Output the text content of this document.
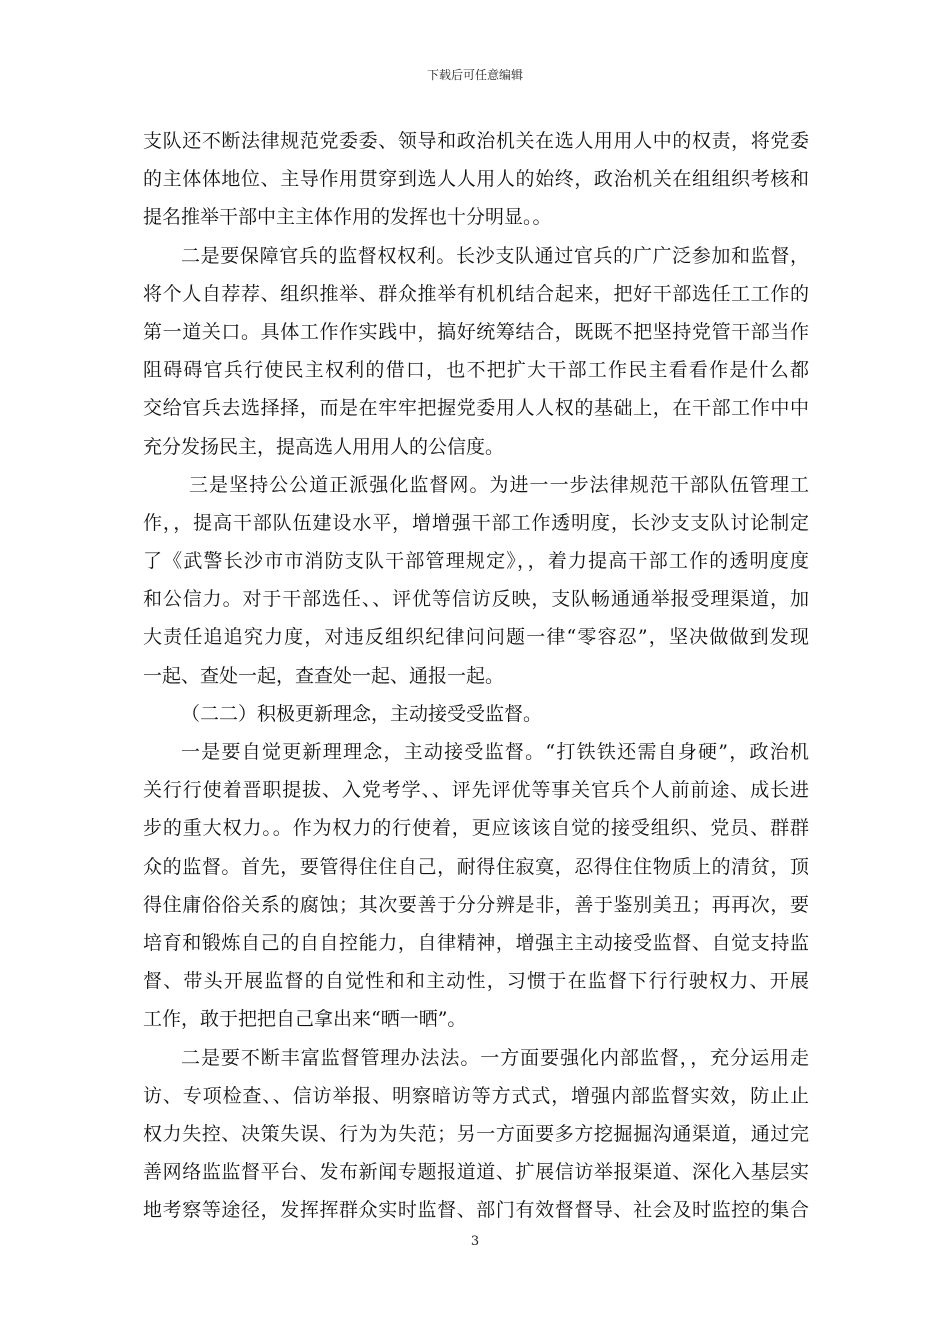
下载后可任意编辑
支队还不断法律规范党委委、领导和政治机关在选人用用人中的权责，将党委
的主体体地位、主导作用贯穿到选人人用人的始终，政治机关在组组织考核和
提名推举干部中主主体作用的发挥也十分明显。。
二是要保障官兵的监督权权利。长沙支队通过官兵的广广泛参加和监督，
将个人自荐荐、组织推举、群众推举有机机结合起来，把好干部选任工工作的
第一道关口。具体工作作实践中，搞好统筹结合，既既不把坚持党管干部当作
阻碍碍官兵行使民主权利的借口，也不把扩大干部工作民主看看作是什么都
交给官兵去选择择，而是在牢牢把握党委用人人权的基础上，在干部工作中中
充分发扬民主，提高选人用用人的公信度。
三是坚持公公道正派强化监督网。为进一一步法律规范干部队伍管理工
作，，提高干部队伍建设水平，增增强干部工作透明度，长沙支支队讨论制定
了《武警长沙市市消防支队干部管理规定》，，着力提高干部工作的透明度度
和公信力。对于干部选任、、评优等信访反映，支队畅通通举报受理渠道，加
大责任追追究力度，对违反组织纪律问问题一律“零容忍”，坚决做做到发现
一起、查处一起，查查处一起、通报一起。
（二二）积极更新理念，主动接受受监督。
一是要自觉更新理理念，主动接受监督。“打铁铁还需自身硬”，政治机
关行行使着晋职提拔、入党考学、、评先评优等事关官兵个人前前途、成长进
步的重大权力。。作为权力的行使着，更应该该自觉的接受组织、党员、群群
众的监督。首先，要管得住住自己，耐得住寂寞，忍得住住物质上的清贫，顶
得住庸俗俗关系的腐蚀；其次要善于分分辨是非，善于鉴别美丑；再再次，要
培育和锻炼自己的自自控能力，自律精神，增强主主动接受监督、自觉支持监
督、带头开展监督的自觉性和和主动性，习惯于在监督下行行驶权力、开展
工作，敢于把把自己拿出来“晒一晒”。
二是要不断丰富监督管理办法法。一方面要强化内部监督，，充分运用走
访、专项检查、、信访举报、明察暗访等方式式，增强内部监督实效，防止止
权力失控、决策失误、行为为失范；另一方面要多方挖掘掘沟通渠道，通过完
善网络监监督平台、发布新闻专题报道道、扩展信访举报渠道、深化入基层实
地考察等途径，发挥挥群众实时监督、部门有效督督导、社会及时监控的集合
3
